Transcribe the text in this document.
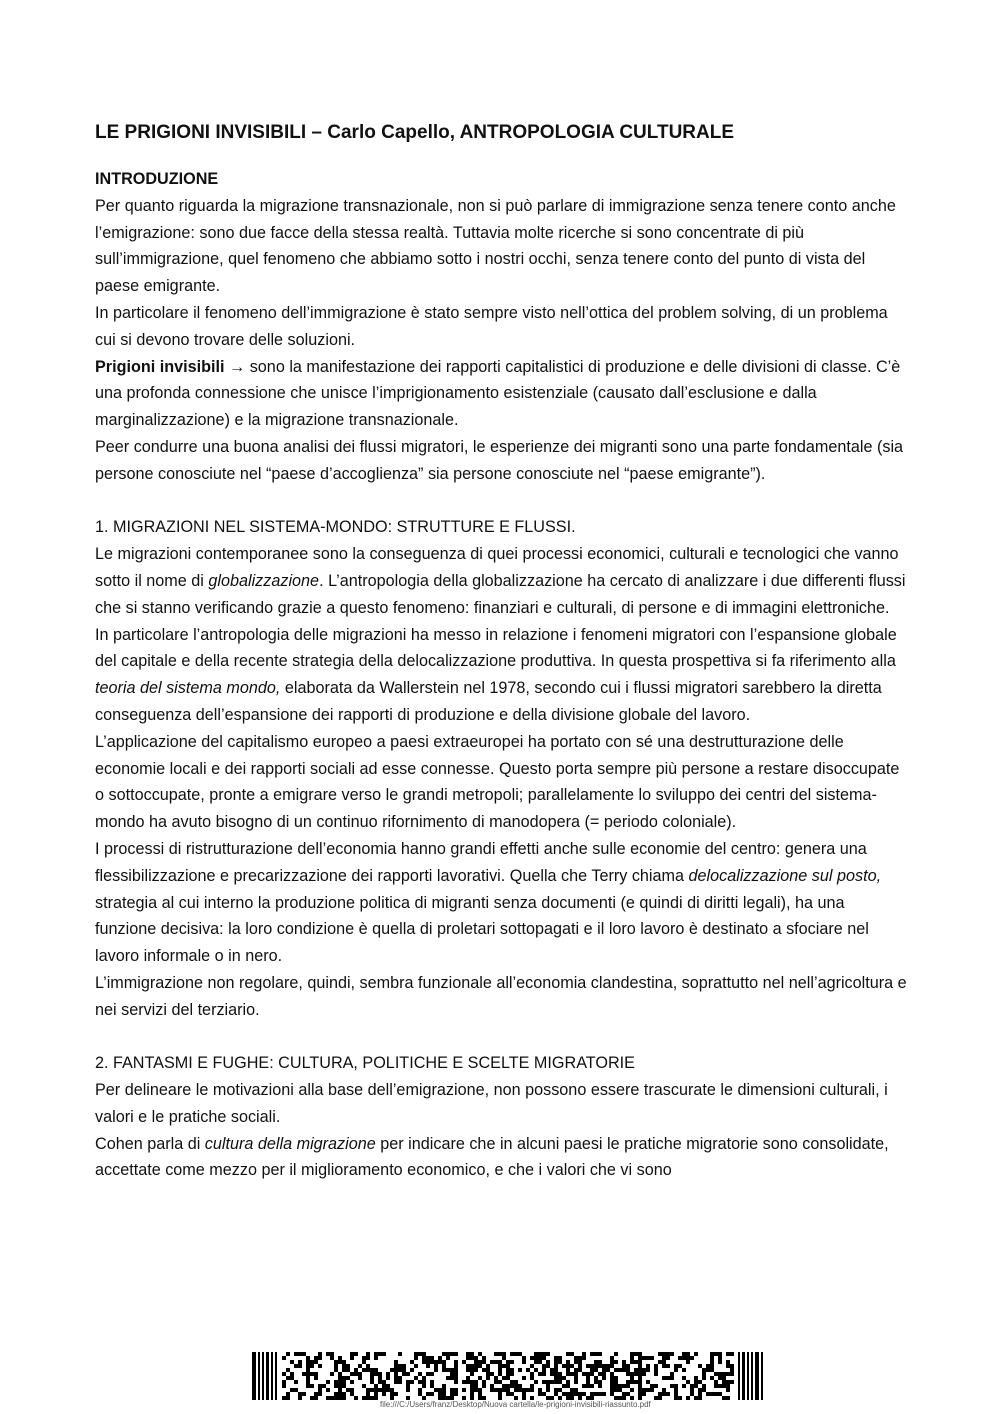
LE PRIGIONI INVISIBILI – Carlo Capello, ANTROPOLOGIA CULTURALE

INTRODUZIONE

Per quanto riguarda la migrazione transnazionale, non si può parlare di immigrazione senza tenere conto anche l’emigrazione: sono due facce della stessa realtà. Tuttavia molte ricerche si sono concentrate di più sull’immigrazione, quel fenomeno che abbiamo sotto i nostri occhi, senza tenere conto del punto di vista del paese emigrante.

In particolare il fenomeno dell’immigrazione è stato sempre visto nell’ottica del problem solving, di un problema cui si devono trovare delle soluzioni.

Prigioni invisibili → sono la manifestazione dei rapporti capitalistici di produzione e delle divisioni di classe. C’è una profonda connessione che unisce l’imprigionamento esistenziale (causato dall’esclusione e dalla marginalizzazione) e la migrazione transnazionale.

Peer condurre una buona analisi dei flussi migratori, le esperienze dei migranti sono una parte fondamentale (sia persone conosciute nel “paese d’accoglienza” sia persone conosciute nel “paese emigrante”).

1. MIGRAZIONI NEL SISTEMA-MONDO: STRUTTURE E FLUSSI.

Le migrazioni contemporanee sono la conseguenza di quei processi economici, culturali e tecnologici che vanno sotto il nome di globalizzazione. L’antropologia della globalizzazione ha cercato di analizzare i due differenti flussi che si stanno verificando grazie a questo fenomeno: finanziari e culturali, di persone e di immagini elettroniche.

In particolare l’antropologia delle migrazioni ha messo in relazione i fenomeni migratori con l’espansione globale del capitale e della recente strategia della delocalizzazione produttiva. In questa prospettiva si fa riferimento alla teoria del sistema mondo, elaborata da Wallerstein nel 1978, secondo cui i flussi migratori sarebbero la diretta conseguenza dell’espansione dei rapporti di produzione e della divisione globale del lavoro.

L’applicazione del capitalismo europeo a paesi extraeuropei ha portato con sé una destrutturazione delle economie locali e dei rapporti sociali ad esse connesse. Questo porta sempre più persone a restare disoccupate o sottoccupate, pronte a emigrare verso le grandi metropoli; parallelamente lo sviluppo dei centri del sistema-mondo ha avuto bisogno di un continuo rifornimento di manodopera (= periodo coloniale).

I processi di ristrutturazione dell’economia hanno grandi effetti anche sulle economie del centro: genera una flessibilizzazione e precarizzazione dei rapporti lavorativi. Quella che Terry chiama delocalizzazione sul posto, strategia al cui interno la produzione politica di migranti senza documenti (e quindi di diritti legali), ha una funzione decisiva: la loro condizione è quella di proletari sottopagati e il loro lavoro è destinato a sfociare nel lavoro informale o in nero.

L’immigrazione non regolare, quindi, sembra funzionale all’economia clandestina, soprattutto nel nell’agricoltura e nei servizi del terziario.

2. FANTASMI E FUGHE: CULTURA, POLITICHE E SCELTE MIGRATORIE

Per delineare le motivazioni alla base dell’emigrazione, non possono essere trascurate le dimensioni culturali, i valori e le pratiche sociali.

Cohen parla di cultura della migrazione per indicare che in alcuni paesi le pratiche migratorie sono consolidate, accettate come mezzo per il miglioramento economico, e che i valori che vi sono

file:///C:/Users/franz/Desktop/Nuova cartella/le-prigioni-invisibili-riassunto.pdf
